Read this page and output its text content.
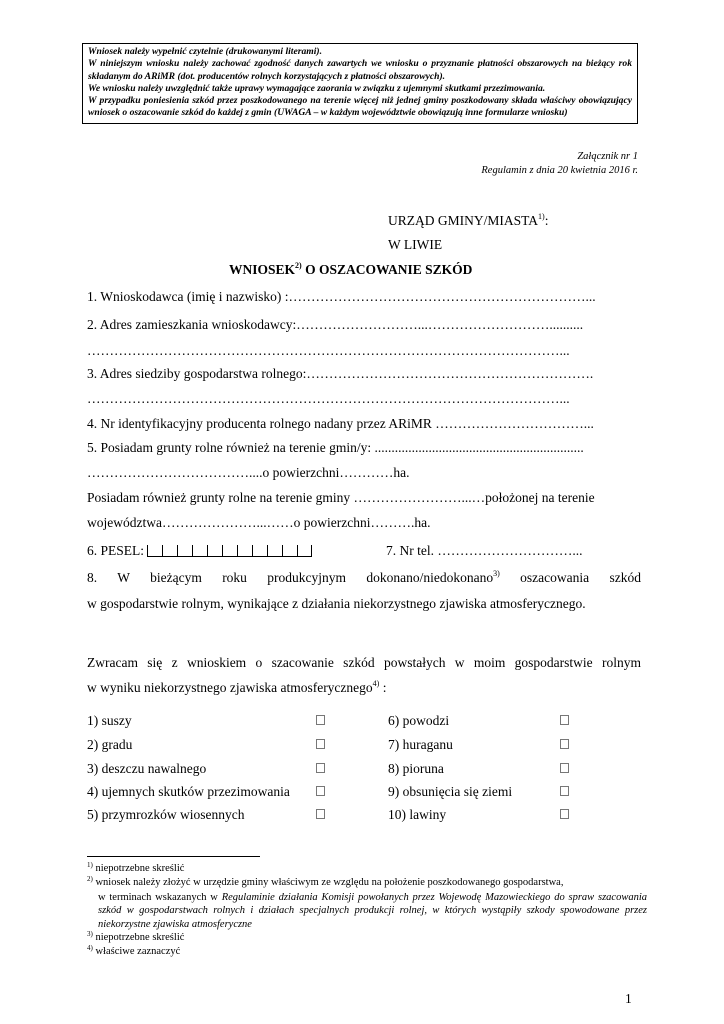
Wniosek należy wypełnić czytelnie (drukowanymi literami).

W niniejszym wniosku należy zachować zgodność danych zawartych we wniosku o przyznanie płatności obszarowych na bieżący rok składanym do ARiMR (dot. producentów rolnych korzystających z płatności obszarowych).

We wniosku należy uwzględnić także uprawy wymagające zaorania w związku z ujemnymi skutkami przezimowania.

W przypadku poniesienia szkód przez poszkodowanego na terenie więcej niż jednej gminy poszkodowany składa właściwy obowiązujący wniosek o oszacowanie szkód do każdej z gmin (UWAGA – w każdym województwie obowiązują inne formularze wniosku)

Załącznik nr 1
Regulamin z dnia 20 kwietnia 2016 r.
URZĄD GMINY/MIASTA$^{1)}$:
W LIWIE
WNIOSEK$^{2)}$ O OSZACOWANIE SZKÓD
1. Wnioskodawca (imię i nazwisko) :…………………………………………………………...
2. Adres zamieszkania wnioskodawcy:………………………...………………………..........
……………………………………………………………………………………………...
3. Adres siedziby gospodarstwa rolnego:……………………………………………………….
……………………………………………………………………………………………...
4. Nr identyfikacyjny producenta rolnego nadany przez ARiMR ……………………………...
5. Posiadam grunty rolne również na terenie gmin/y: ..............................................................
………………………………....o powierzchni…………ha.
Posiadam również grunty rolne na terenie gminy ……………………...…położonej na terenie
województwa…………………...……o powierzchni……….ha.
6. PESEL:	7. Nr tel. …………………………...
8. W bieżącym roku produkcyjnym dokonano/niedokonano$^{3)}$ oszacowania szkód
w gospodarstwie rolnym, wynikające z działania niekorzystnego zjawiska atmosferycznego.
Zwracam się z wnioskiem o szacowanie szkód powstałych w moim gospodarstwie rolnym
w wyniku niekorzystnego zjawiska atmosferycznego$^{4)}$ :
1) suszy
2) gradu
3) deszczu nawalnego
4) ujemnych skutków przezimowania
5) przymrozków wiosennych
6) powodzi
7) huraganu
8) pioruna
9) obsunięcia się ziemi
10) lawiny
$^{1)}$ niepotrzebne skreślić
$^{2)}$ wniosek należy złożyć w urzędzie gminy właściwym ze względu na położenie poszkodowanego gospodarstwa,
w terminach wskazanych w Regulaminie działania Komisji powołanych przez Wojewodę Mazowieckiego do spraw szacowania szkód w gospodarstwach rolnych i działach specjalnych produkcji rolnej, w których wystąpiły szkody spowodowane przez niekorzystne zjawiska atmosferyczne
$^{3)}$ niepotrzebne skreślić
$^{4)}$ właściwe zaznaczyć
1
